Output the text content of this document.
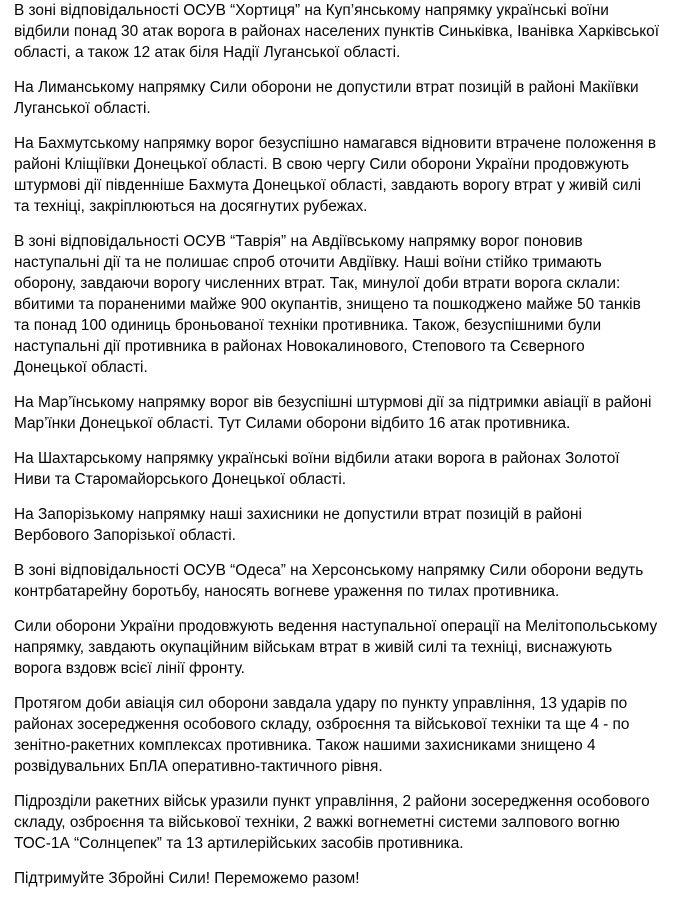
В зоні відповідальності ОСУВ “Хортиця” на Куп’янському напрямку українські воїни відбили понад 30 атак ворога в районах населених пунктів Синьківка, Іванівка Харківської області, а також 12 атак біля Надії Луганської області.

На Лиманському напрямку Сили оборони не допустили втрат позицій в районі Макіївки Луганської області.

На Бахмутському напрямку ворог безуспішно намагався відновити втрачене положення в районі Кліщіївки Донецької області. В свою чергу Сили оборони України продовжують штурмові дії південніше Бахмута Донецької області, завдають ворогу втрат у живій силі та техніці, закріплюються на досягнутих рубежах.

В зоні відповідальності ОСУВ “Таврія” на Авдіївському напрямку ворог поновив наступальні дії та не полишає спроб оточити Авдіївку. Наші воїни стійко тримають оборону, завдаючи ворогу численних втрат. Так, минулої доби втрати ворога склали: вбитими та пораненими майже 900 окупантів, знищено та пошкоджено майже 50 танків та понад 100 одиниць броньованої техніки противника. Також, безуспішними були наступальні дії противника в районах Новокалинового, Степового та Сєверного Донецької області.

На Мар’їнському напрямку ворог вів безуспішні штурмові дії за підтримки авіації в районі Мар’їнки Донецької області. Тут Силами оборони відбито 16 атак противника.

На Шахтарському напрямку українські воїни відбили атаки ворога в районах Золотої Ниви та Старомайорського Донецької області.

На Запорізькому напрямку наші захисники не допустили втрат позицій в районі Вербового Запорізької області.

В зоні відповідальності ОСУВ “Одеса” на Херсонському напрямку Сили оборони ведуть контрбатарейну боротьбу, наносять вогневе ураження по тилах противника.

Сили оборони України продовжують ведення наступальної операції на Мелітопольському напрямку, завдають окупаційним військам втрат в живій силі та техніці, виснажують ворога вздовж всієї лінії фронту.

Протягом доби авіація сил оборони завдала удару по пункту управління, 13 ударів по районах зосередження особового складу, озброєння та військової техніки та ще 4 - по зенітно-ракетних комплексах противника. Також нашими захисниками знищено 4 розвідувальних БпЛА оперативно-тактичного рівня.

Підрозділи ракетних військ уразили пункт управління, 2 райони зосередження особового складу, озброєння та військової техніки, 2 важкі вогнеметні системи залпового вогню ТОС-1А “Солнцепек” та 13 артилерійських засобів противника.

Підтримуйте Збройні Сили! Переможемо разом!
